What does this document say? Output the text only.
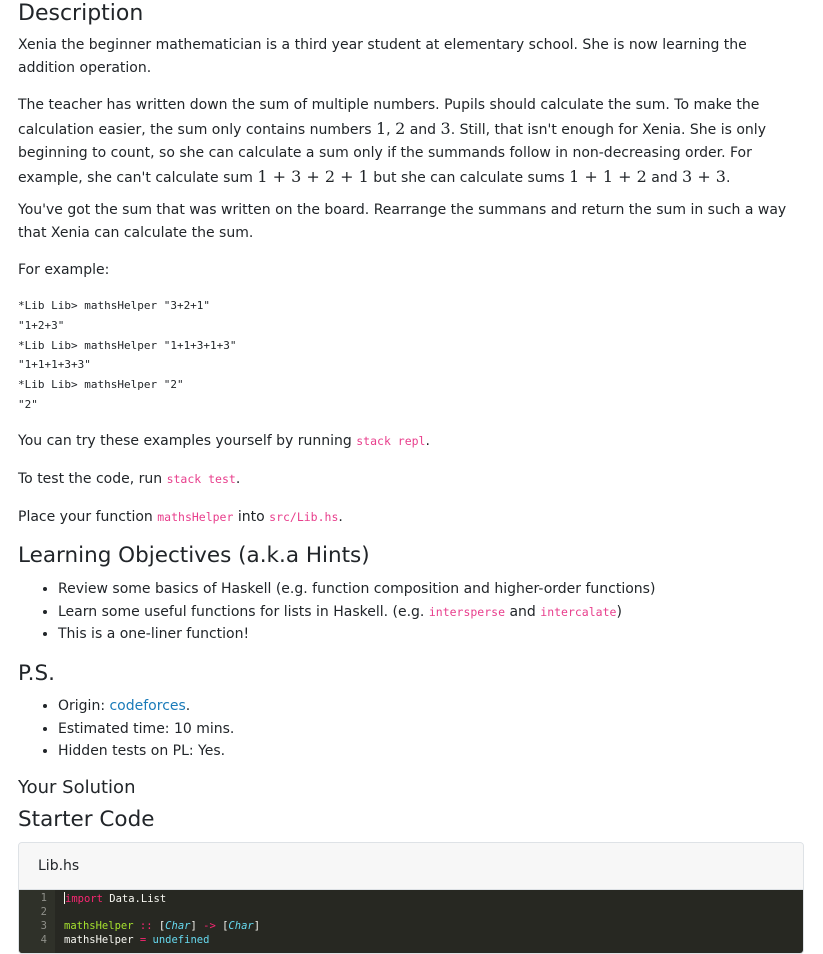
Description

Xenia the beginner mathematician is a third year student at elementary school. She is now learning the addition operation.

The teacher has written down the sum of multiple numbers. Pupils should calculate the sum. To make the calculation easier, the sum only contains numbers 1, 2 and 3. Still, that isn't enough for Xenia. She is only beginning to count, so she can calculate a sum only if the summands follow in non-decreasing order. For example, she can't calculate sum 1 + 3 + 2 + 1 but she can calculate sums 1 + 1 + 2 and 3 + 3.

You've got the sum that was written on the board. Rearrange the summans and return the sum in such a way that Xenia can calculate the sum.

For example:

*Lib Lib> mathsHelper "3+2+1"
"1+2+3"
*Lib Lib> mathsHelper "1+1+3+1+3"
"1+1+1+3+3"
*Lib Lib> mathsHelper "2"
"2"

You can try these examples yourself by running stack repl.

To test the code, run stack test.

Place your function mathsHelper into src/Lib.hs.

Learning Objectives (a.k.a Hints)
• Review some basics of Haskell (e.g. function composition and higher-order functions)
• Learn some useful functions for lists in Haskell. (e.g. intersperse and intercalate)
• This is a one-liner function!
P.S.
• Origin: codeforces.
• Estimated time: 10 mins.
• Hidden tests on PL: Yes.
Your Solution
Starter Code
Lib.hs
1
2
3
4
import Data.List
mathsHelper :: [Char] -> [Char]
mathsHelper = undefined
